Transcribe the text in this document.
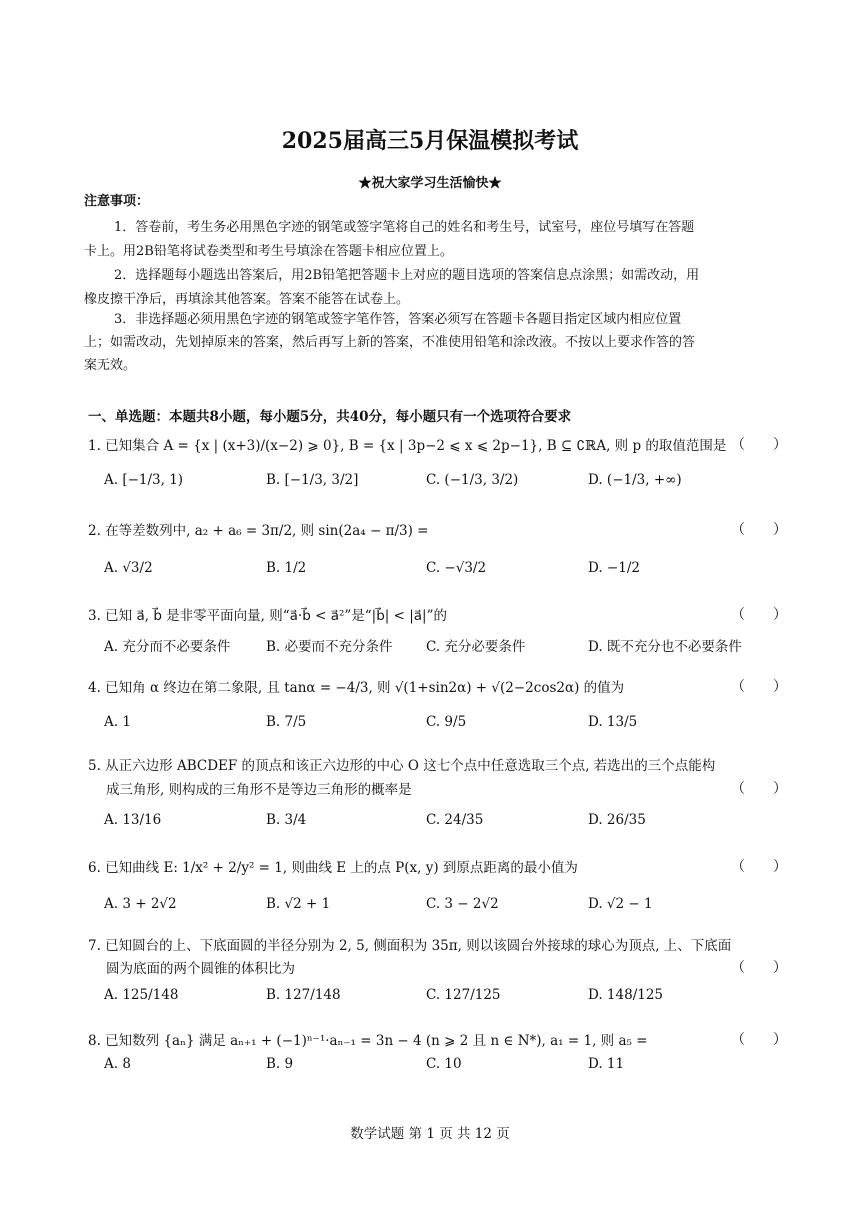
2025届高三5月保温模拟考试
★祝大家学习生活愉快★
注意事项：
1．答卷前，考生务必用黑色字迹的钢笔或签字笔将自己的姓名和考生号，试室号，座位号填写在答题
卡上。用2B铅笔将试卷类型和考生号填涂在答题卡相应位置上。
2．选择题每小题选出答案后，用2B铅笔把答题卡上对应的题目选项的答案信息点涂黑；如需改动，用
橡皮擦干净后，再填涂其他答案。答案不能答在试卷上。
3．非选择题必须用黑色字迹的钢笔或签字笔作答，答案必须写在答题卡各题目指定区域内相应位置
上；如需改动，先划掉原来的答案，然后再写上新的答案，不准使用铅笔和涂改液。不按以上要求作答的答
案无效。
一、单选题：本题共8小题，每小题5分，共40分，每小题只有一个选项符合要求
1. 已知集合 A = {x | (x+3)/(x−2) ⩾ 0}, B = {x | 3p−2 ⩽ x ⩽ 2p−1}, B ⊆ ∁ℝA, 则 p 的取值范围是 （　　）
A. [−1/3, 1)	B. [−1/3, 3/2]	C. (−1/3, 3/2)	D. (−1/3, +∞)
2. 在等差数列中, a₂ + a₆ = 3π/2, 则 sin(2a₄ − π/3) =	（　　）
A. √3/2	B. 1/2	C. −√3/2	D. −1/2
3. 已知 a⃗, b⃗ 是非零平面向量, 则“a⃗·b⃗ < a⃗²”是“|b⃗| < |a⃗|”的	（　　）
A. 充分而不必要条件	B. 必要而不充分条件 C. 充分必要条件	D. 既不充分也不必要条件
4. 已知角 α 终边在第二象限, 且 tanα = −4/3, 则 √(1+sin2α) + √(2−2cos2α) 的值为	（　　）
A. 1	B. 7/5	C. 9/5	D. 13/5
5. 从正六边形 ABCDEF 的顶点和该正六边形的中心 O 这七个点中任意选取三个点, 若选出的三个点能构
成三角形, 则构成的三角形不是等边三角形的概率是	（　　）
A. 13/16	B. 3/4	C. 24/35	D. 26/35
6. 已知曲线 E: 1/x² + 2/y² = 1, 则曲线 E 上的点 P(x, y) 到原点距离的最小值为	（　　）
A. 3 + 2√2	B. √2 + 1	C. 3 − 2√2	D. √2 − 1
7. 已知圆台的上、下底面圆的半径分别为 2, 5, 侧面积为 35π, 则以该圆台外接球的球心为顶点, 上、下底面
圆为底面的两个圆锥的体积比为	（　　）
A. 125/148	B. 127/148	C. 127/125	D. 148/125
8. 已知数列 {aₙ} 满足 aₙ₊₁ + (−1)ⁿ⁻¹·aₙ₋₁ = 3n − 4 (n ⩾ 2 且 n ∈ N*), a₁ = 1, 则 a₅ =	（　　）
A. 8	B. 9	C. 10	D. 11
数学试题 第 1 页 共 12 页
